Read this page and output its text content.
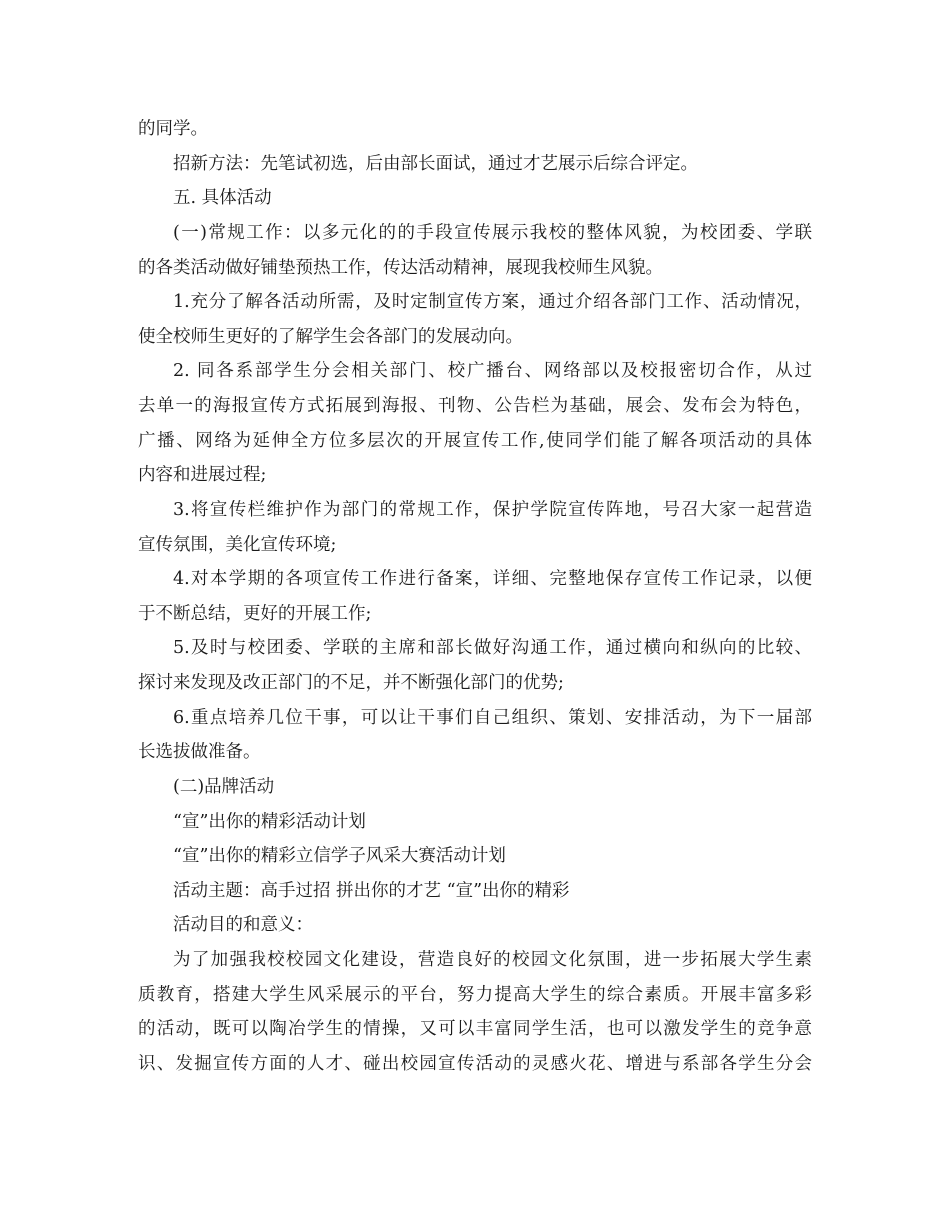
的同学。
招新方法：先笔试初选，后由部长面试，通过才艺展示后综合评定。
五. 具体活动
(一)常规工作：以多元化的的手段宣传展示我校的整体风貌，为校团委、学联
的各类活动做好铺垫预热工作，传达活动精神，展现我校师生风貌。
1.充分了解各活动所需，及时定制宣传方案，通过介绍各部门工作、活动情况，
使全校师生更好的了解学生会各部门的发展动向。
2. 同各系部学生分会相关部门、校广播台、网络部以及校报密切合作，从过
去单一的海报宣传方式拓展到海报、刊物、公告栏为基础，展会、发布会为特色，
广播、网络为延伸全方位多层次的开展宣传工作,使同学们能了解各项活动的具体
内容和进展过程;
3.将宣传栏维护作为部门的常规工作，保护学院宣传阵地，号召大家一起营造
宣传氛围，美化宣传环境;
4.对本学期的各项宣传工作进行备案，详细、完整地保存宣传工作记录，以便
于不断总结，更好的开展工作;
5.及时与校团委、学联的主席和部长做好沟通工作，通过横向和纵向的比较、
探讨来发现及改正部门的不足，并不断强化部门的优势;
6.重点培养几位干事，可以让干事们自己组织、策划、安排活动，为下一届部
长选拔做准备。
(二)品牌活动
“宣”出你的精彩活动计划
“宣”出你的精彩立信学子风采大赛活动计划
活动主题：高手过招 拼出你的才艺 “宣”出你的精彩
活动目的和意义：
为了加强我校校园文化建设，营造良好的校园文化氛围，进一步拓展大学生素
质教育，搭建大学生风采展示的平台，努力提高大学生的综合素质。开展丰富多彩
的活动，既可以陶冶学生的情操，又可以丰富同学生活，也可以激发学生的竞争意
识、发掘宣传方面的人才、碰出校园宣传活动的灵感火花、增进与系部各学生分会
